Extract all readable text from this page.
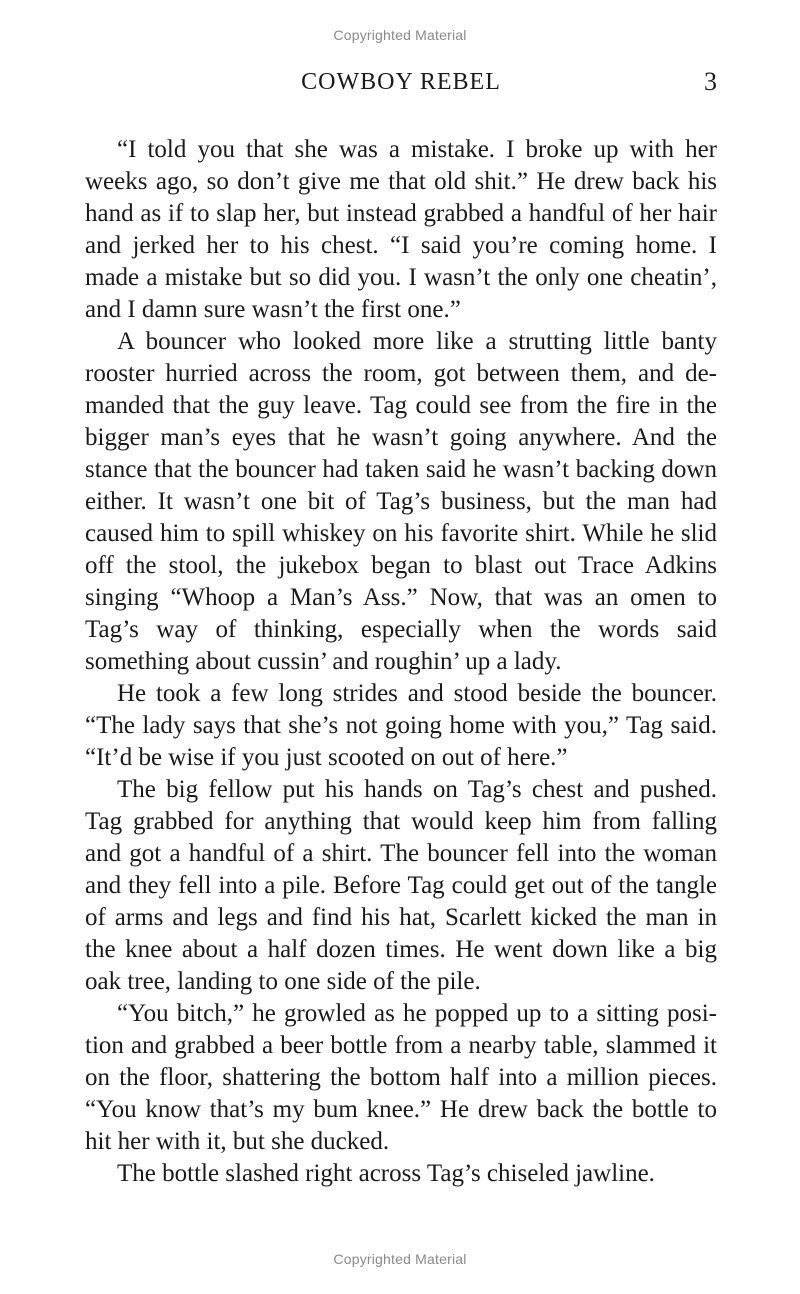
Copyrighted Material
COWBOY REBEL	3

“I told you that she was a mistake. I broke up with her weeks ago, so don’t give me that old shit.” He drew back his hand as if to slap her, but instead grabbed a handful of her hair and jerked her to his chest. “I said you’re coming home. I made a mistake but so did you. I wasn’t the only one cheatin’, and I damn sure wasn’t the first one.”

A bouncer who looked more like a strutting little banty rooster hurried across the room, got between them, and demanded that the guy leave. Tag could see from the fire in the bigger man’s eyes that he wasn’t going anywhere. And the stance that the bouncer had taken said he wasn’t backing down either. It wasn’t one bit of Tag’s business, but the man had caused him to spill whiskey on his favorite shirt. While he slid off the stool, the jukebox began to blast out Trace Adkins singing “Whoop a Man’s Ass.” Now, that was an omen to Tag’s way of thinking, especially when the words said something about cussin’ and roughin’ up a lady.

He took a few long strides and stood beside the bouncer. “The lady says that she’s not going home with you,” Tag said. “It’d be wise if you just scooted on out of here.”

The big fellow put his hands on Tag’s chest and pushed. Tag grabbed for anything that would keep him from falling and got a handful of a shirt. The bouncer fell into the woman and they fell into a pile. Before Tag could get out of the tangle of arms and legs and find his hat, Scarlett kicked the man in the knee about a half dozen times. He went down like a big oak tree, landing to one side of the pile.

“You bitch,” he growled as he popped up to a sitting position and grabbed a beer bottle from a nearby table, slammed it on the floor, shattering the bottom half into a million pieces. “You know that’s my bum knee.” He drew back the bottle to hit her with it, but she ducked.

The bottle slashed right across Tag’s chiseled jawline.

Copyrighted Material
